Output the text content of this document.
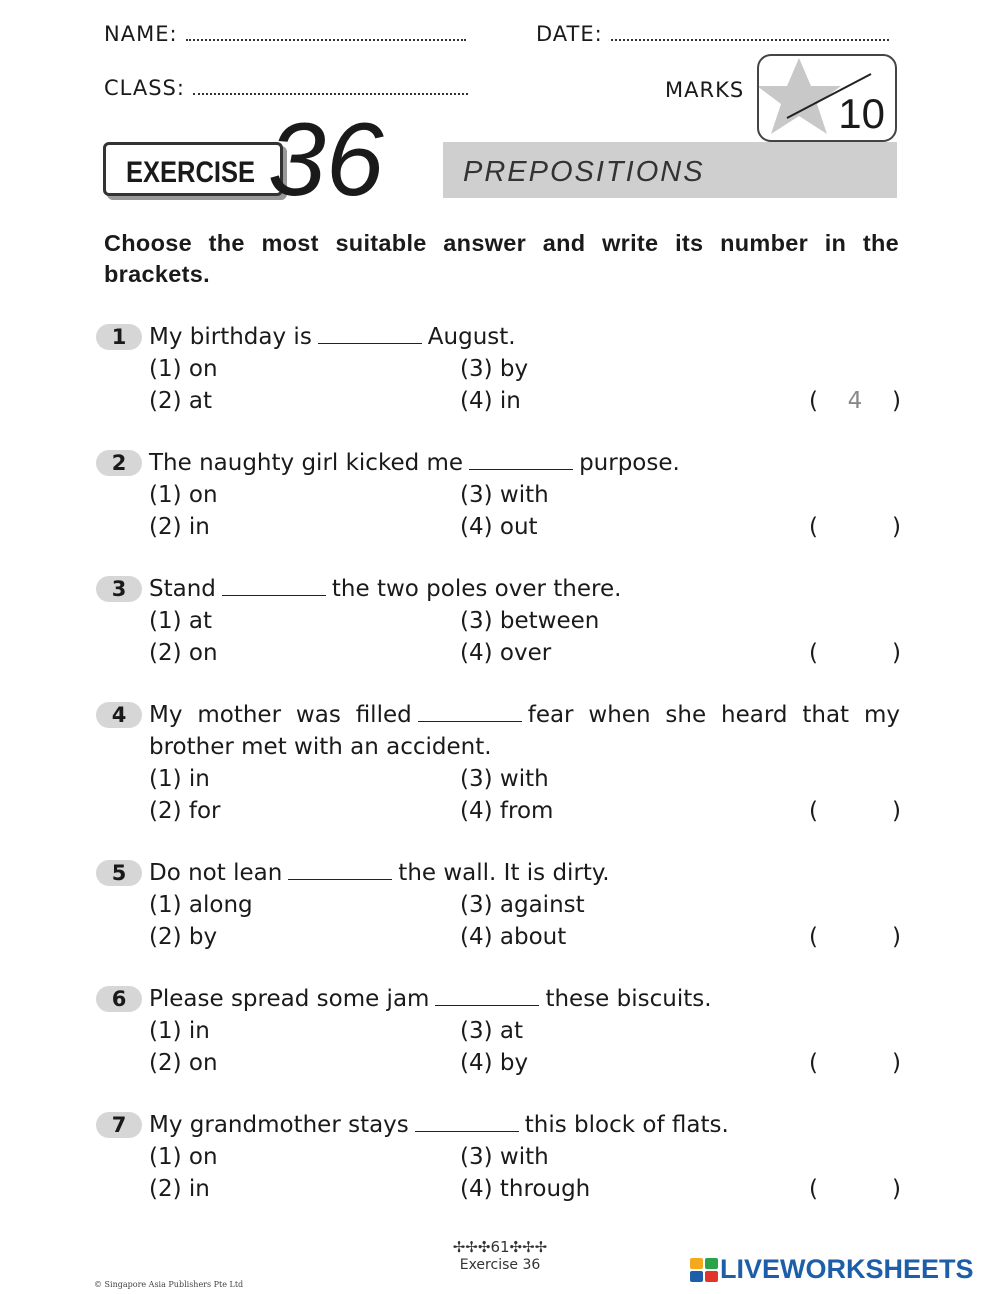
NAME:	DATE:
CLASS:	MARKS 10
EXERCISE 36	PREPOSITIONS
Choose the most suitable answer and write its number in the brackets.
1 My birthday is	August.
(1) on
(2) at
(3) by
(4) in	(	4	)
2 The naughty girl kicked me	purpose.
(1) on
(2) in
(3) with
(4) out	(	)
3 Stand	the two poles over there.
(1) at
(2) on
(3) between
(4) over	(	)
4 My mother was filled	fear when she heard that my brother met with an accident.
(1) in
(2) for
(3) with
(4) from	(	)
5 Do not lean	the wall. It is dirty.
(1) along
(2) by
(3) against
(4) about	(	)
6 Please spread some jam	these biscuits.
(1) in
(2) on
(3) at
(4) by	(	)
7 My grandmother stays	this block of flats.
(1) on
(2) in
(3) with
(4) through	(	)
✢✢✣61✣✢✢
Exercise 36
© Singapore Asia Publishers Pte Ltd
LIVEWORKSHEETS
